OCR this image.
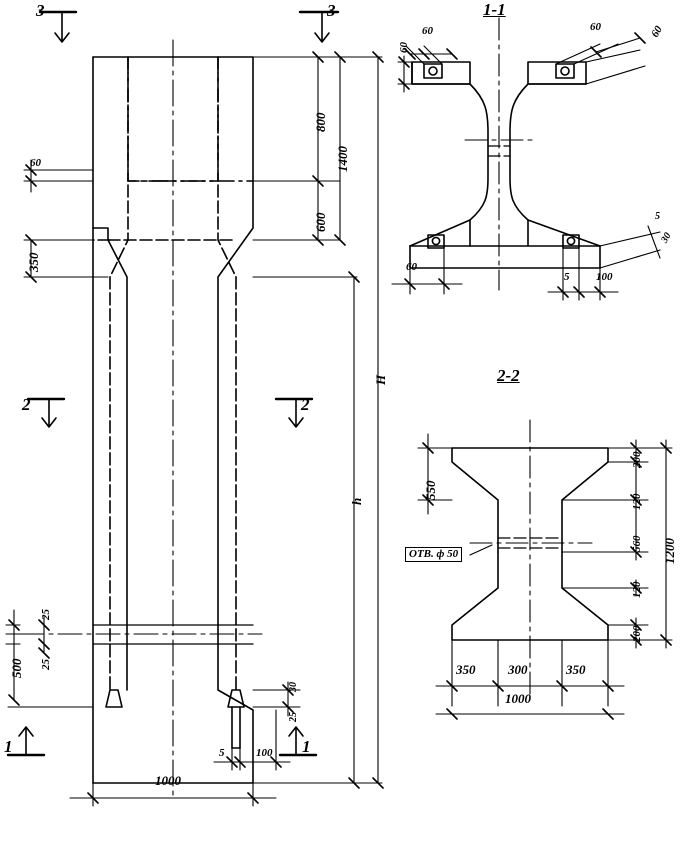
3	3
2	2
1	1
800
1400
600
H
h
350
60
500
25
25
1000
5	100
30
25
1-1
60
60
60	60
60
5 100
5
30
2-2
550
200
120
560
120
200
1200
350	300	350
1000
ОТВ. ф 50
